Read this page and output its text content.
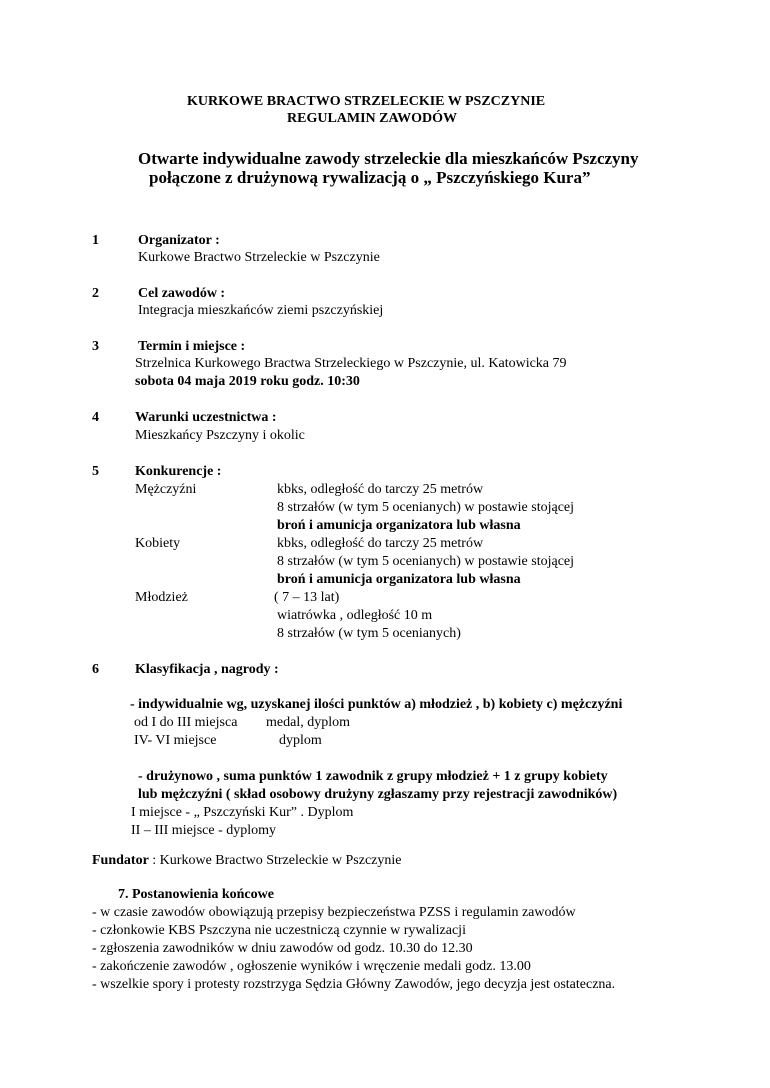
KURKOWE BRACTWO STRZELECKIE W PSZCZYNIE
REGULAMIN ZAWODÓW
Otwarte indywidualne zawody strzeleckie dla mieszkańców Pszczyny
połączone z drużynową rywalizacją o „ Pszczyńskiego Kura”
1	Organizator :
Kurkowe Bractwo Strzeleckie w Pszczynie
2	Cel zawodów :
Integracja mieszkańców ziemi pszczyńskiej
3	Termin i miejsce :
Strzelnica Kurkowego Bractwa Strzeleckiego w Pszczynie, ul. Katowicka 79
sobota 04 maja 2019 roku godz. 10:30
4	Warunki uczestnictwa :
Mieszkańcy Pszczyny i okolic
5	Konkurencje :
Mężczyźni	kbks, odległość do tarczy 25 metrów
8 strzałów (w tym 5 ocenianych) w postawie stojącej
broń i amunicja organizatora lub własna
Kobiety	kbks, odległość do tarczy 25 metrów
8 strzałów (w tym 5 ocenianych) w postawie stojącej
broń i amunicja organizatora lub własna
Młodzież	( 7 – 13 lat)
wiatrówka , odległość 10 m
8 strzałów (w tym 5 ocenianych)
6	Klasyfikacja , nagrody :
- indywidualnie wg, uzyskanej ilości punktów a) młodzież , b) kobiety c) mężczyźni
od I do III miejsca medal, dyplom
IV- VI miejsce	dyplom
- drużynowo , suma punktów 1 zawodnik z grupy młodzież + 1 z grupy kobiety
lub mężczyźni ( skład osobowy drużyny zgłaszamy przy rejestracji zawodników)
I miejsce - „ Pszczyński Kur” . Dyplom
II – III miejsce - dyplomy
Fundator : Kurkowe Bractwo Strzeleckie w Pszczynie
7. Postanowienia końcowe
- w czasie zawodów obowiązują przepisy bezpieczeństwa PZSS i regulamin zawodów
- członkowie KBS Pszczyna nie uczestniczą czynnie w rywalizacji
- zgłoszenia zawodników w dniu zawodów od godz. 10.30 do 12.30
- zakończenie zawodów , ogłoszenie wyników i wręczenie medali godz. 13.00
- wszelkie spory i protesty rozstrzyga Sędzia Główny Zawodów, jego decyzja jest ostateczna.
